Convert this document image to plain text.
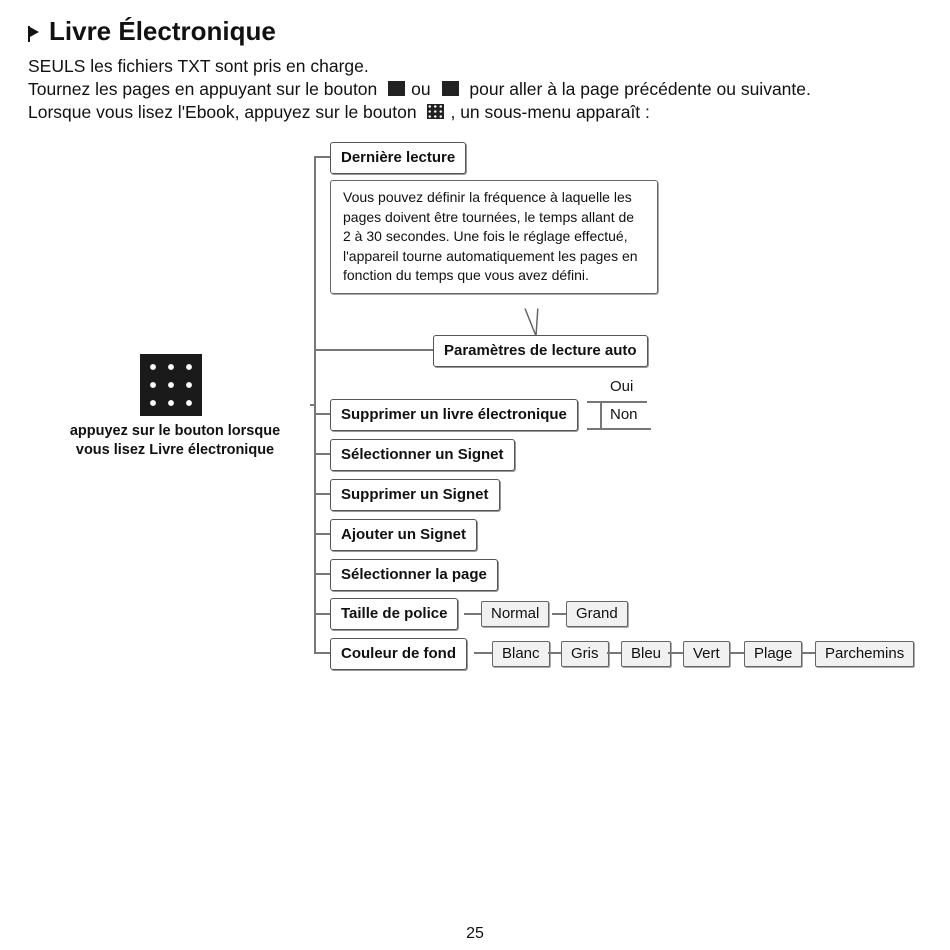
Livre Électronique
SEULS les fichiers TXT sont pris en charge.
Tournez les pages en appuyant sur le bouton ou pour aller à la page précédente ou suivante.
Lorsque vous lisez l'Ebook, appuyez sur le bouton , un sous-menu apparaît :
appuyez sur le bouton lorsque
vous lisez Livre électronique
Dernière lecture
Vous pouvez définir la fréquence à laquelle les pages doivent être tournées, le temps allant de 2 à 30 secondes. Une fois le réglage effectué, l'appareil tourne automatiquement les pages en fonction du temps que vous avez défini.
Paramètres de lecture auto
Supprimer un livre électronique
Oui
Non
Sélectionner un Signet
Supprimer un Signet
Ajouter un Signet
Sélectionner la page
Taille de police	Normal	Grand
Couleur de fond	Blanc	Gris	Bleu	Vert	Plage	Parchemins
25
